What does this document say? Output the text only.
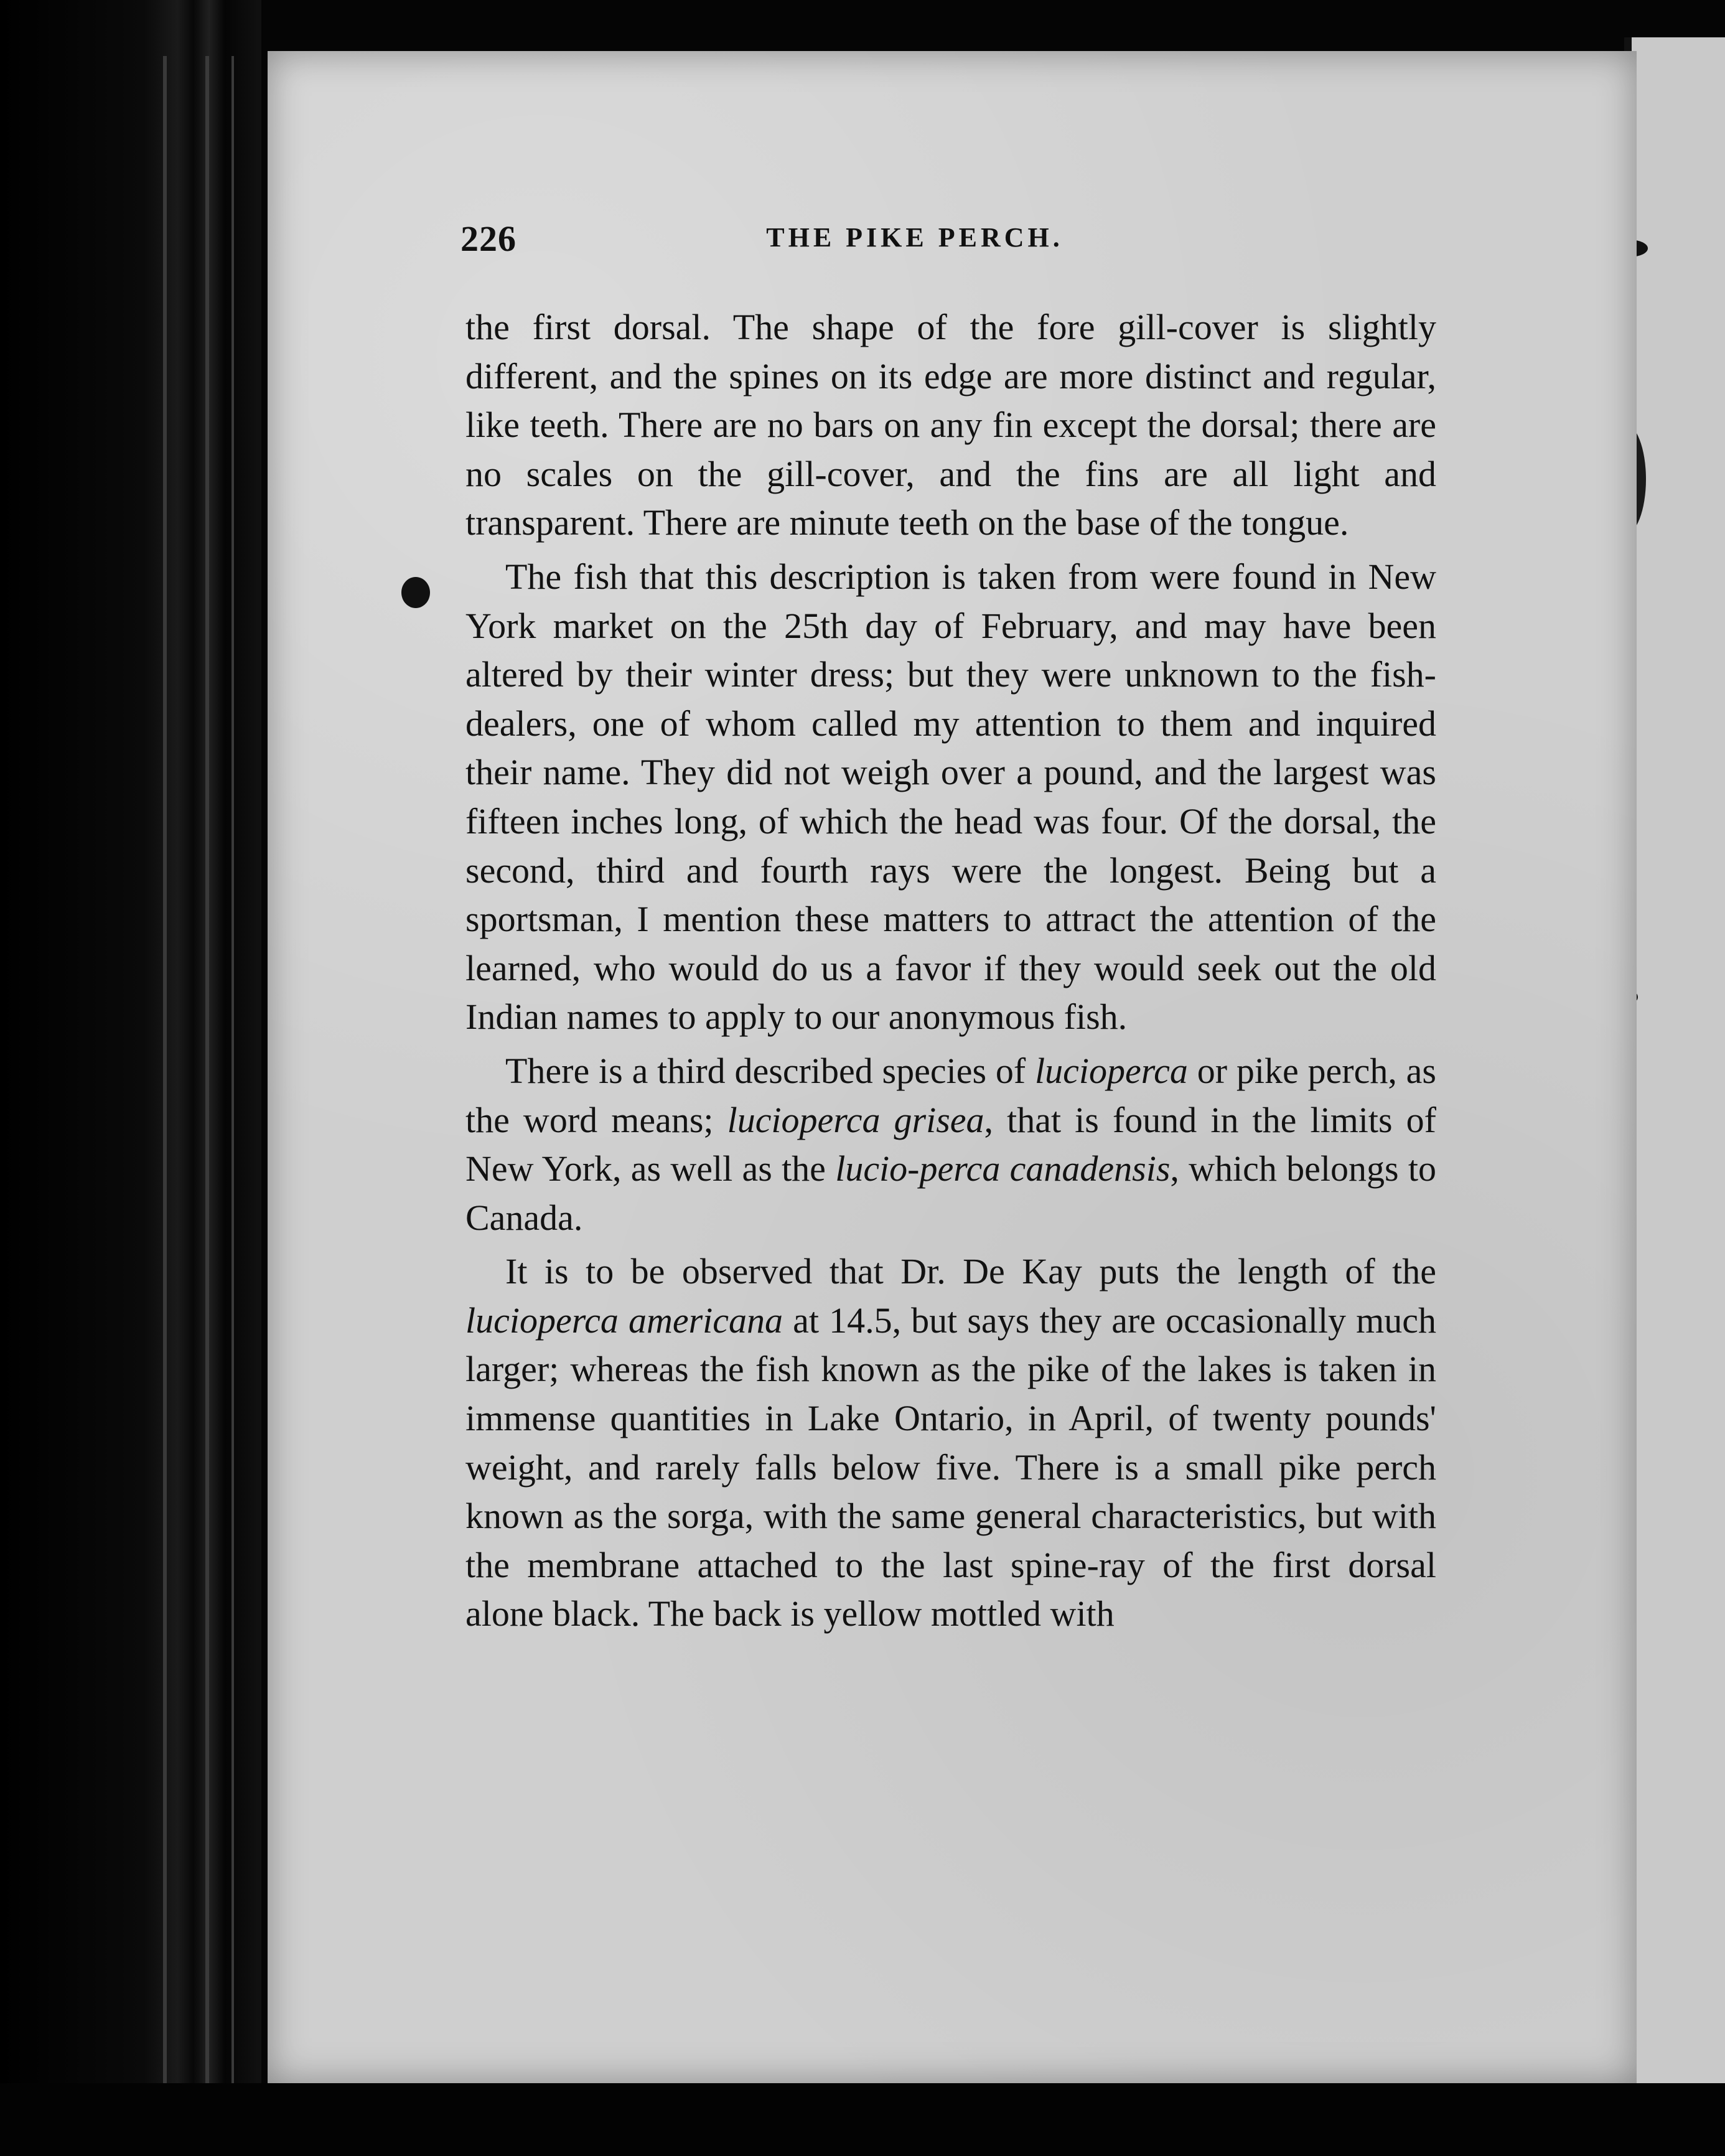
226	THE PIKE PERCH.

the first dorsal. The shape of the fore gill-cover is slightly different, and the spines on its edge are more distinct and regular, like teeth. There are no bars on any fin except the dorsal; there are no scales on the gill-cover, and the fins are all light and transparent. There are minute teeth on the base of the tongue.

The fish that this description is taken from were found in New York market on the 25th day of February, and may have been altered by their winter dress; but they were unknown to the fish-dealers, one of whom called my attention to them and inquired their name. They did not weigh over a pound, and the largest was fifteen inches long, of which the head was four. Of the dorsal, the second, third and fourth rays were the longest. Being but a sportsman, I mention these matters to attract the attention of the learned, who would do us a favor if they would seek out the old Indian names to apply to our anonymous fish.

There is a third described species of lucioperca or pike perch, as the word means; lucioperca grisea, that is found in the limits of New York, as well as the lucio-perca canadensis, which belongs to Canada.

It is to be observed that Dr. De Kay puts the length of the lucioperca americana at 14.5, but says they are occasionally much larger; whereas the fish known as the pike of the lakes is taken in immense quantities in Lake Ontario, in April, of twenty pounds' weight, and rarely falls below five. There is a small pike perch known as the sorga, with the same general characteristics, but with the membrane attached to the last spine-ray of the first dorsal alone black. The back is yellow mottled with
